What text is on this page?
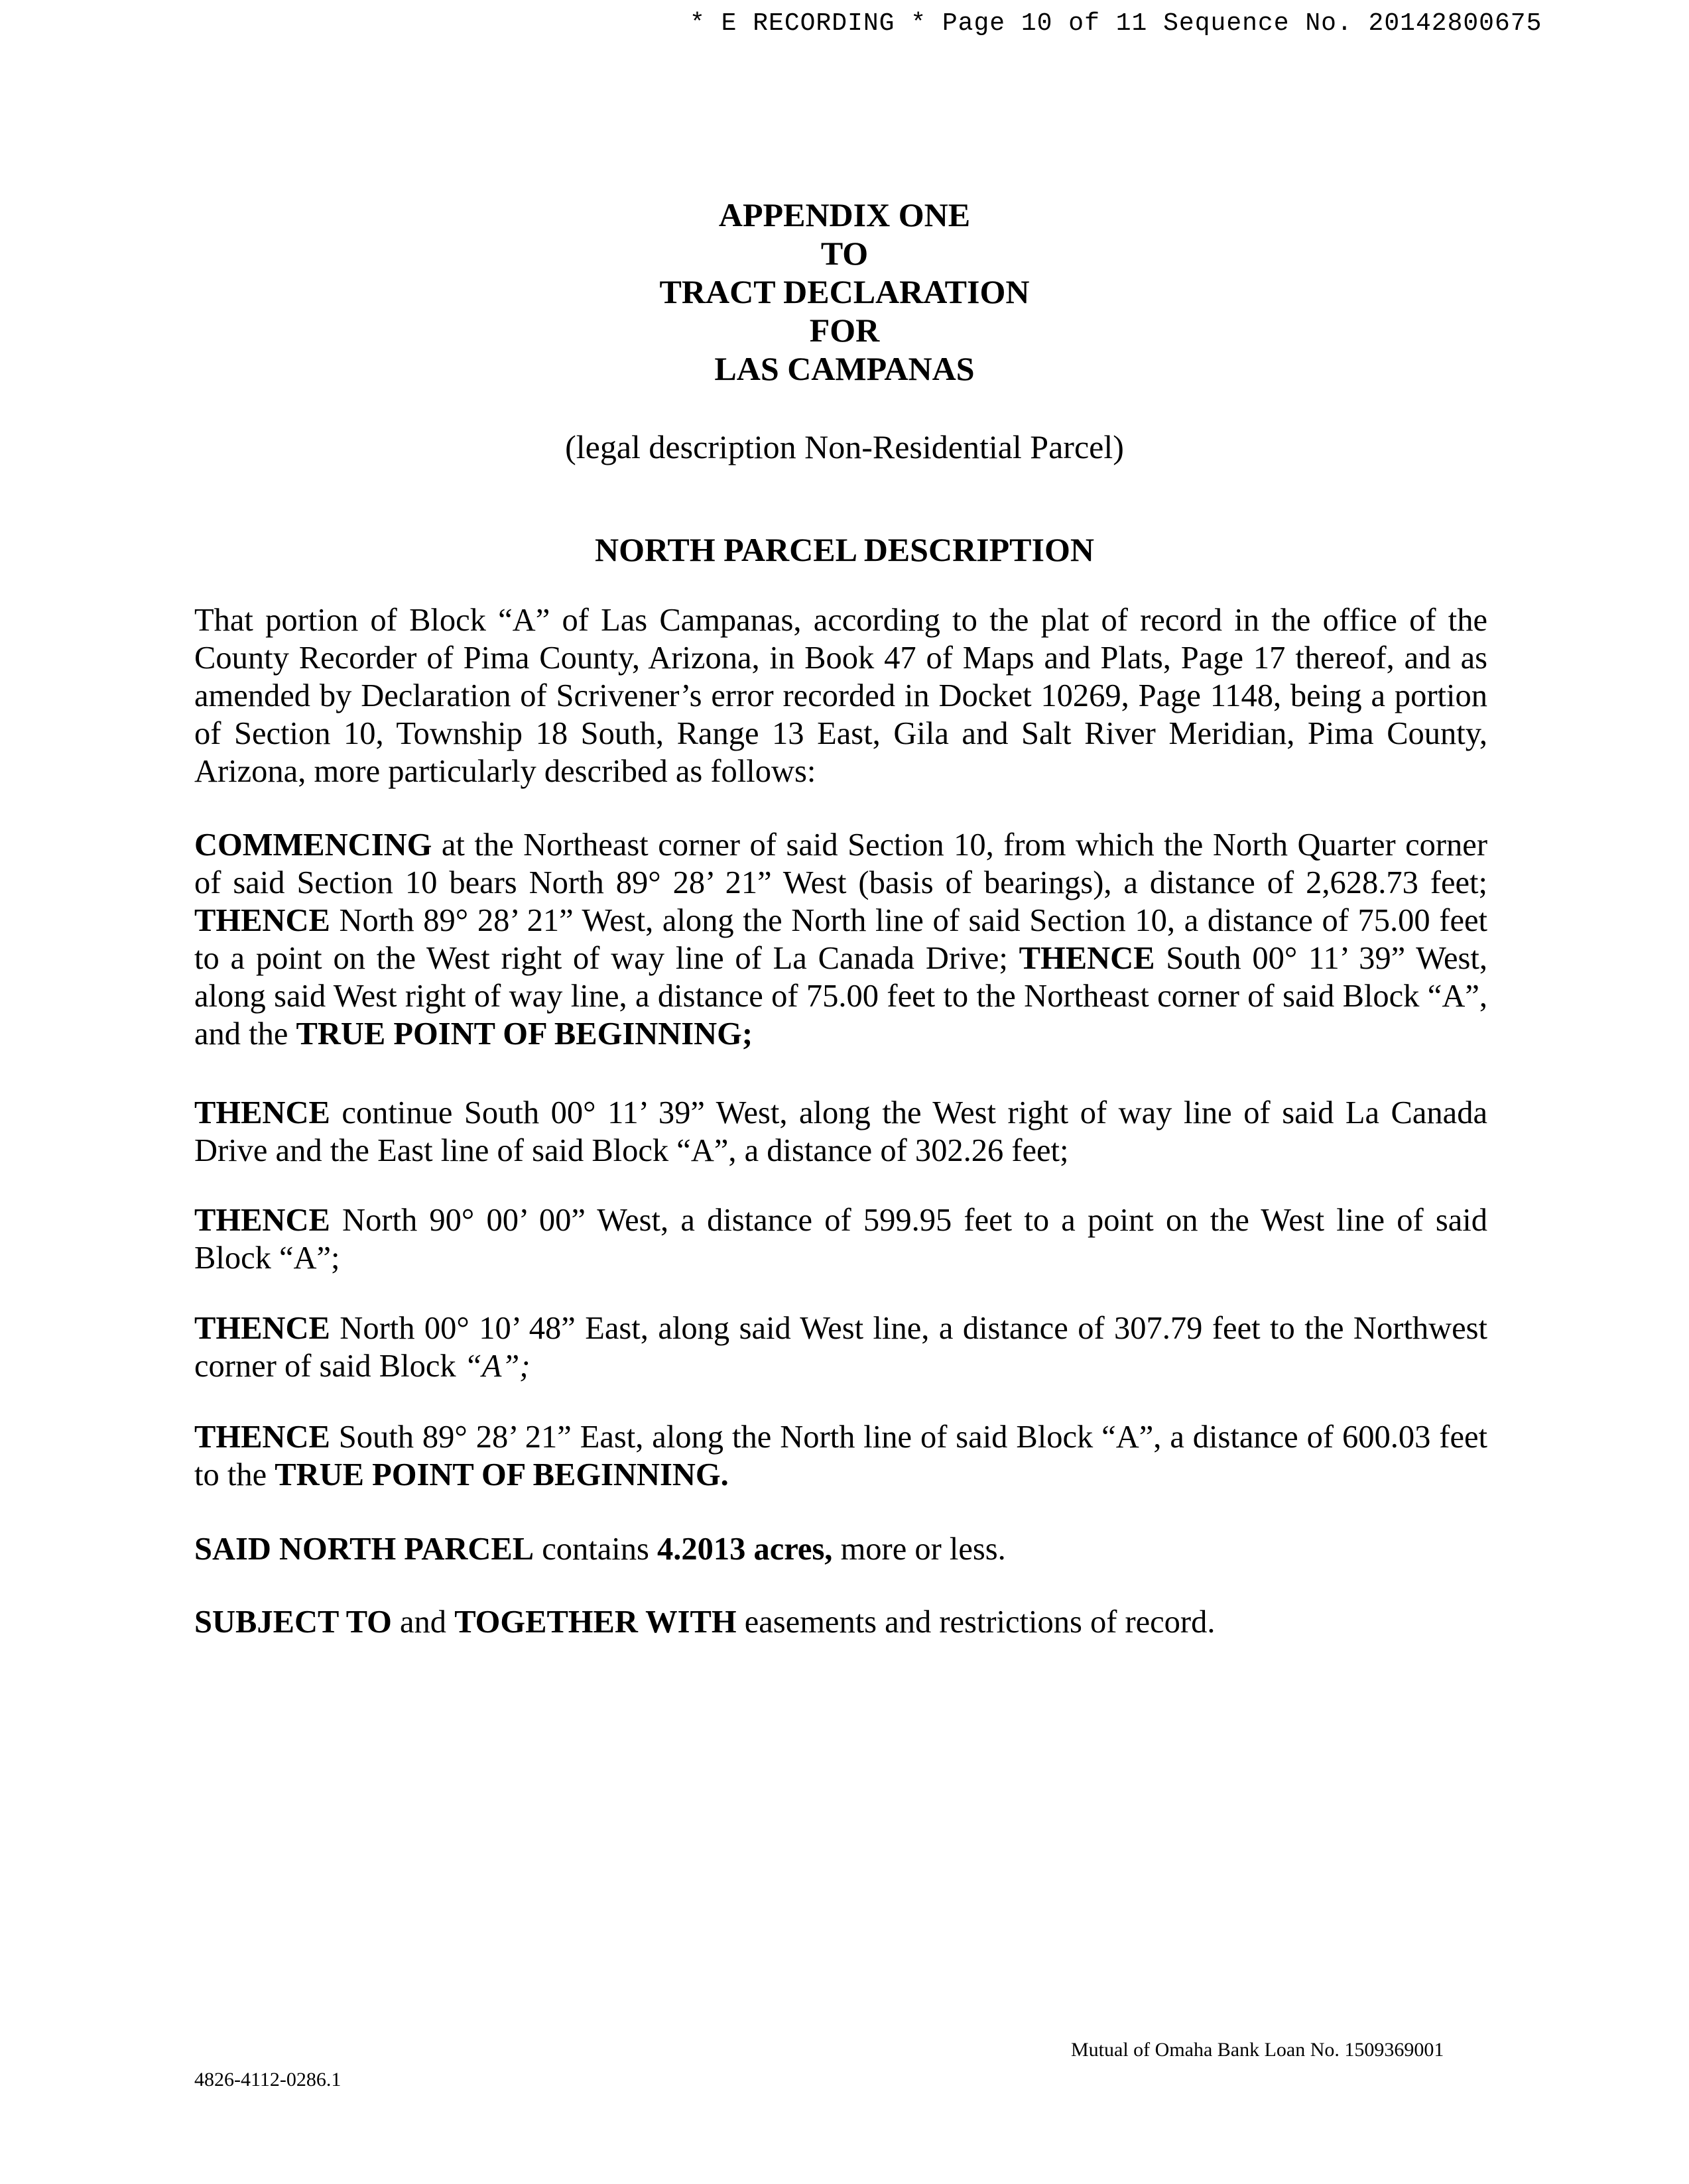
* E RECORDING * Page 10 of 11 Sequence No. 20142800675
APPENDIX ONE
TO
TRACT DECLARATION
FOR
LAS CAMPANAS
(legal description Non-Residential Parcel)
NORTH PARCEL DESCRIPTION
That portion of Block “A” of Las Campanas, according to the plat of record in the office of the County Recorder of Pima County, Arizona, in Book 47 of Maps and Plats, Page 17 thereof, and as amended by Declaration of Scrivener’s error recorded in Docket 10269, Page 1148, being a portion of Section 10, Township 18 South, Range 13 East, Gila and Salt River Meridian, Pima County, Arizona, more particularly described as follows:
COMMENCING at the Northeast corner of said Section 10, from which the North Quarter corner of said Section 10 bears North 89° 28’ 21” West (basis of bearings), a distance of 2,628.73 feet; THENCE North 89° 28’ 21” West, along the North line of said Section 10, a distance of 75.00 feet to a point on the West right of way line of La Canada Drive; THENCE South 00° 11’ 39” West, along said West right of way line, a distance of 75.00 feet to the Northeast corner of said Block “A”, and the TRUE POINT OF BEGINNING;
THENCE continue South 00° 11’ 39” West, along the West right of way line of said La Canada Drive and the East line of said Block “A”, a distance of 302.26 feet;
THENCE North 90° 00’ 00” West, a distance of 599.95 feet to a point on the West line of said Block “A”;
THENCE North 00° 10’ 48” East, along said West line, a distance of 307.79 feet to the Northwest corner of said Block “A”;
THENCE South 89° 28’ 21” East, along the North line of said Block “A”, a distance of 600.03 feet to the TRUE POINT OF BEGINNING.
SAID NORTH PARCEL contains 4.2013 acres, more or less.
SUBJECT TO and TOGETHER WITH easements and restrictions of record.
4826-4112-0286.1
Mutual of Omaha Bank Loan No. 1509369001
